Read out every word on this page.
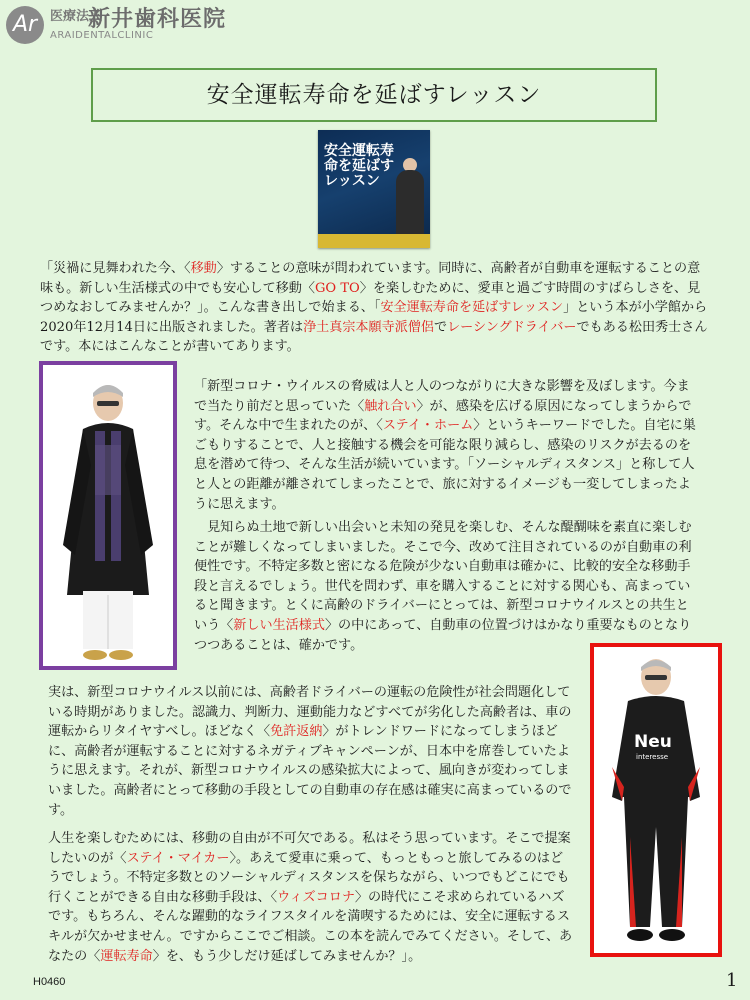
Ar 医療法人
新井歯科医院
ARAIDENTALCLINIC
安全運転寿命を延ばすレッスン
安全運転寿命を延ばすレッスン

「災禍に見舞われた今、〈移動〉することの意味が問われています。同時に、高齢者が自動車を運転することの意味も。新しい生活様式の中でも安心して移動〈GO TO〉を楽しむために、愛車と過ごす時間のすばらしさを、見つめなおしてみませんか？」。こんな書き出しで始まる、「安全運転寿命を延ばすレッスン」という本が小学館から2020年12月14日に出版されました。著者は浄土真宗本願寺派僧侶でレーシングドライバーでもある松田秀士さんです。本にはこんなことが書いてあります。

「新型コロナ・ウイルスの脅威は人と人のつながりに大きな影響を及ぼします。今まで当たり前だと思っていた〈触れ合い〉が、感染を広げる原因になってしまうからです。そんな中で生まれたのが、〈ステイ・ホーム〉というキーワードでした。自宅に巣ごもりすることで、人と接触する機会を可能な限り減らし、感染のリスクが去るのを息を潜めて待つ、そんな生活が続いています。「ソーシャルディスタンス」と称して人と人との距離が離されてしまったことで、旅に対するイメージも一変してしまったように思えます。

見知らぬ土地で新しい出会いと未知の発見を楽しむ、そんな醍醐味を素直に楽しむことが難しくなってしまいました。そこで今、改めて注目されているのが自動車の利便性です。不特定多数と密になる危険が少ない自動車は確かに、比較的安全な移動手段と言えるでしょう。世代を問わず、車を購入することに対する関心も、高まっていると聞きます。とくに高齢のドライバーにとっては、新型コロナウイルスとの共生という〈新しい生活様式〉の中にあって、自動車の位置づけはかなり重要なものとなりつつあることは、確かです。

Neu
interesse

実は、新型コロナウイルス以前には、高齢者ドライバーの運転の危険性が社会問題化している時期がありました。認識力、判断力、運動能力などすべてが劣化した高齢者は、車の運転からリタイヤすべし。ほどなく〈免許返納〉がトレンドワードになってしまうほどに、高齢者が運転することに対するネガティブキャンペーンが、日本中を席巻していたように思えます。それが、新型コロナウイルスの感染拡大によって、風向きが変わってしまいました。高齢者にとって移動の手段としての自動車の存在感は確実に高まっているのです。

人生を楽しむためには、移動の自由が不可欠である。私はそう思っています。そこで提案したいのが〈ステイ・マイカー〉。あえて愛車に乗って、もっともっと旅してみるのはどうでしょう。不特定多数とのソーシャルディスタンスを保ちながら、いつでもどこにでも行くことができる自由な移動手段は、〈ウィズコロナ〉の時代にこそ求められているハズです。もちろん、そんな躍動的なライフスタイルを満喫するためには、安全に運転するスキルが欠かせません。ですからここでご相談。この本を読んでみてください。そして、あなたの〈運転寿命〉を、もう少しだけ延ばしてみませんか？」。

H0460	1
